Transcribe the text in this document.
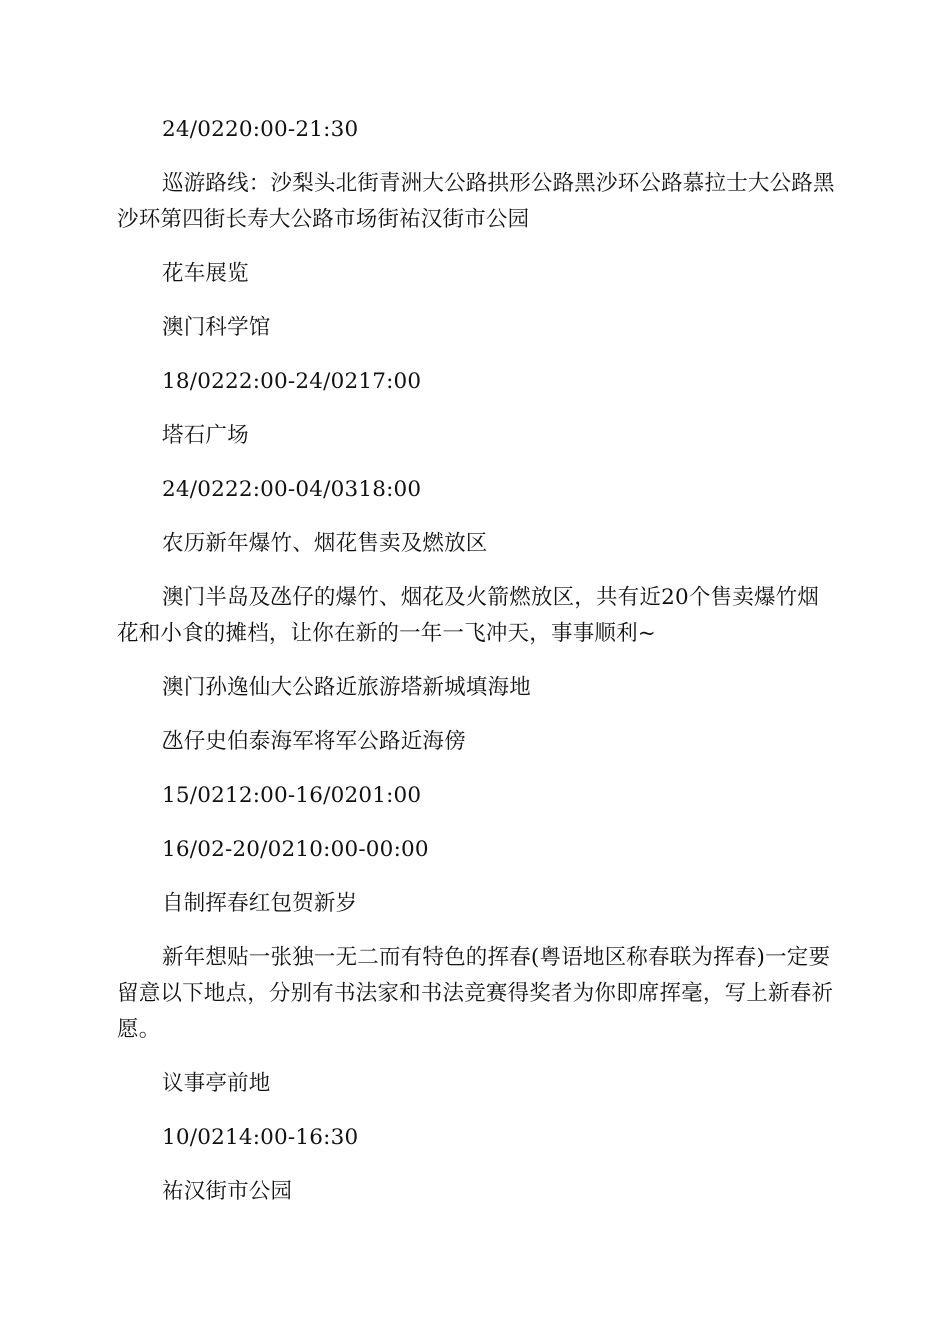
24/0220:00-21:30

巡游路线：沙梨头北街青洲大公路拱形公路黑沙环公路慕拉士大公路黑沙环第四街长寿大公路市场街祐汉街市公园

花车展览

澳门科学馆

18/0222:00-24/0217:00

塔石广场

24/0222:00-04/0318:00

农历新年爆竹、烟花售卖及燃放区

澳门半岛及氹仔的爆竹、烟花及火箭燃放区，共有近20个售卖爆竹烟花和小食的摊档，让你在新的一年一飞冲天，事事顺利~

澳门孙逸仙大公路近旅游塔新城填海地

氹仔史伯泰海军将军公路近海傍

15/0212:00-16/0201:00

16/02-20/0210:00-00:00

自制挥春红包贺新岁

新年想贴一张独一无二而有特色的挥春(粤语地区称春联为挥春)一定要留意以下地点，分别有书法家和书法竞赛得奖者为你即席挥毫，写上新春祈愿。

议事亭前地

10/0214:00-16:30

祐汉街市公园
